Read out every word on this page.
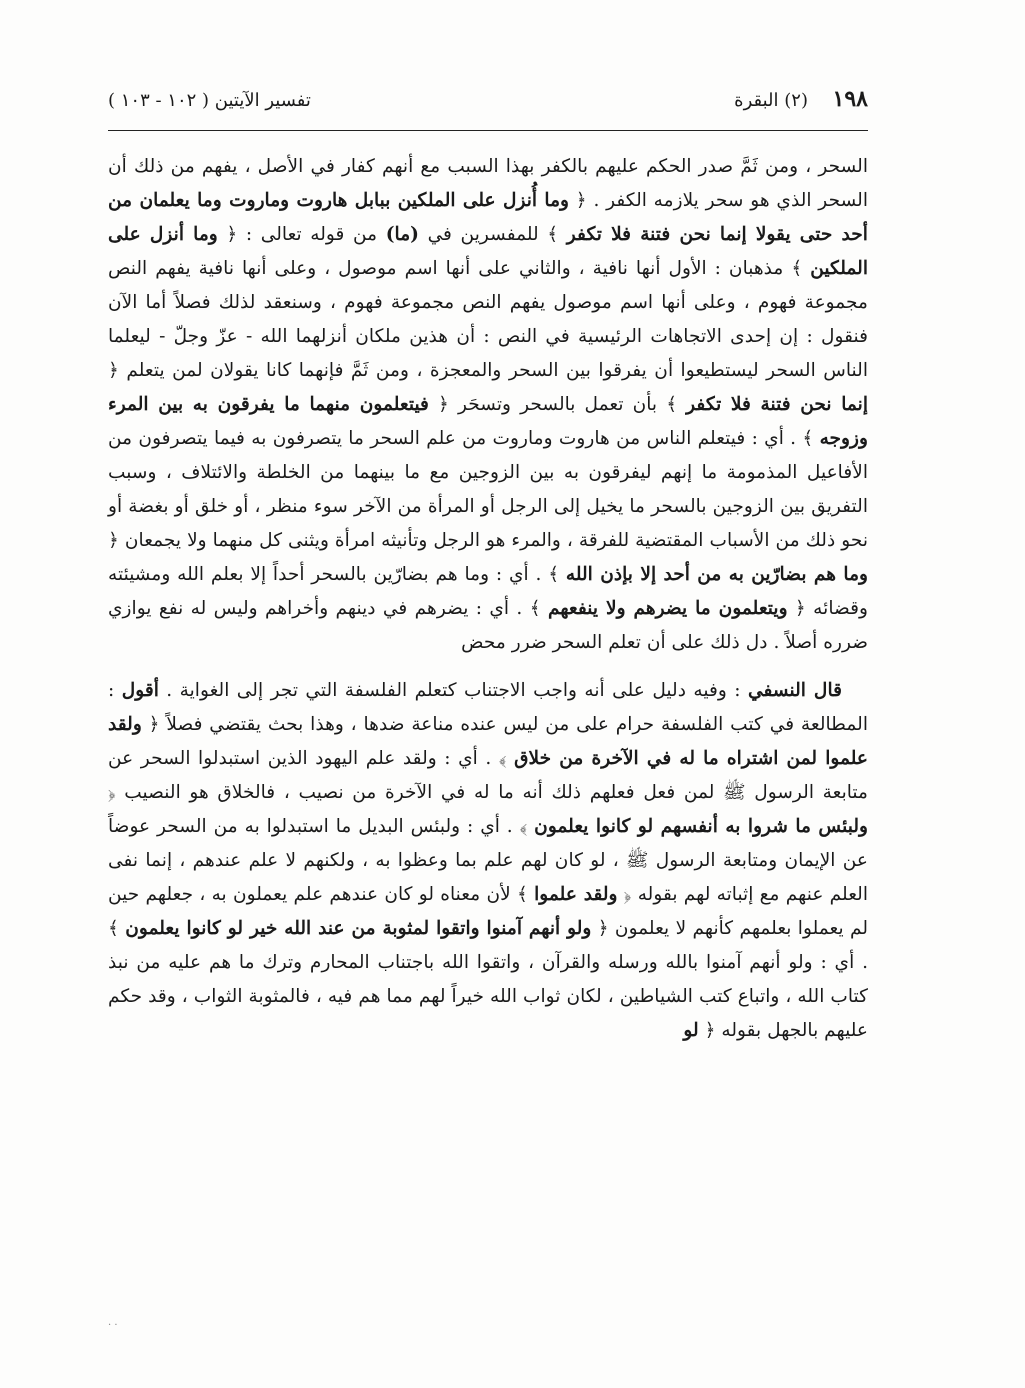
١٩٨
(٢) البقرة
تفسير الآيتين ( ١٠٢ - ١٠٣ )

السحر ، ومن ثَمَّ صدر الحكم عليهم بالكفر بهذا السبب مع أنهم كفار في الأصل ، يفهم من ذلك أن السحر الذي هو سحر يلازمه الكفر . ﴿ وما أُنزل على الملكين ببابل هاروت وماروت وما يعلمان من أحد حتى يقولا إنما نحن فتنة فلا تكفر ﴾ للمفسرين في (ما) من قوله تعالى : ﴿ وما أنزل على الملكين ﴾ مذهبان : الأول أنها نافية ، والثاني على أنها اسم موصول ، وعلى أنها نافية يفهم النص مجموعة فهوم ، وعلى أنها اسم موصول يفهم النص مجموعة فهوم ، وسنعقد لذلك فصلاً أما الآن فنقول : إن إحدى الاتجاهات الرئيسية في النص : أن هذين ملكان أنزلهما الله - عزّ وجلّ - ليعلما الناس السحر ليستطيعوا أن يفرقوا بين السحر والمعجزة ، ومن ثَمَّ فإنهما كانا يقولان لمن يتعلم ﴿ إنما نحن فتنة فلا تكفر ﴾ بأن تعمل بالسحر وتسحَر ﴿ فيتعلمون منهما ما يفرقون به بين المرء وزوجه ﴾ . أي : فيتعلم الناس من هاروت وماروت من علم السحر ما يتصرفون به فيما يتصرفون من الأفاعيل المذمومة ما إنهم ليفرقون به بين الزوجين مع ما بينهما من الخلطة والائتلاف ، وسبب التفريق بين الزوجين بالسحر ما يخيل إلى الرجل أو المرأة من الآخر سوء منظر ، أو خلق أو بغضة أو نحو ذلك من الأسباب المقتضية للفرقة ، والمرء هو الرجل وتأنيثه امرأة ويثنى كل منهما ولا يجمعان ﴿ وما هم بضارّين به من أحد إلا بإذن الله ﴾ . أي : وما هم بضارّين بالسحر أحداً إلا بعلم الله ومشيئته وقضائه ﴿ ويتعلمون ما يضرهم ولا ينفعهم ﴾ . أي : يضرهم في دينهم وأخراهم وليس له نفع يوازي ضرره أصلاً . دل ذلك على أن تعلم السحر ضرر محض

قال النسفي : وفيه دليل على أنه واجب الاجتناب كتعلم الفلسفة التي تجر إلى الغواية . أقول : المطالعة في كتب الفلسفة حرام على من ليس عنده مناعة ضدها ، وهذا بحث يقتضي فصلاً ﴿ ولقد علموا لمن اشتراه ما له في الآخرة من خلاق ﴾ . أي : ولقد علم اليهود الذين استبدلوا السحر عن متابعة الرسول ﷺ لمن فعل فعلهم ذلك أنه ما له في الآخرة من نصيب ، فالخلاق هو النصيب ﴿ ولبئس ما شروا به أنفسهم لو كانوا يعلمون ﴾ . أي : ولبئس البديل ما استبدلوا به من السحر عوضاً عن الإيمان ومتابعة الرسول ﷺ ، لو كان لهم علم بما وعظوا به ، ولكنهم لا علم عندهم ، إنما نفى العلم عنهم مع إثباته لهم بقوله ﴿ ولقد علموا ﴾ لأن معناه لو كان عندهم علم يعملون به ، جعلهم حين لم يعملوا بعلمهم كأنهم لا يعلمون ﴿ ولو أنهم آمنوا واتقوا لمثوبة من عند الله خير لو كانوا يعلمون ﴾ . أي : ولو أنهم آمنوا بالله ورسله والقرآن ، واتقوا الله باجتناب المحارم وترك ما هم عليه من نبذ كتاب الله ، واتباع كتب الشياطين ، لكان ثواب الله خيراً لهم مما هم فيه ، فالمثوبة الثواب ، وقد حكم عليهم بالجهل بقوله ﴿ لو

· ·
